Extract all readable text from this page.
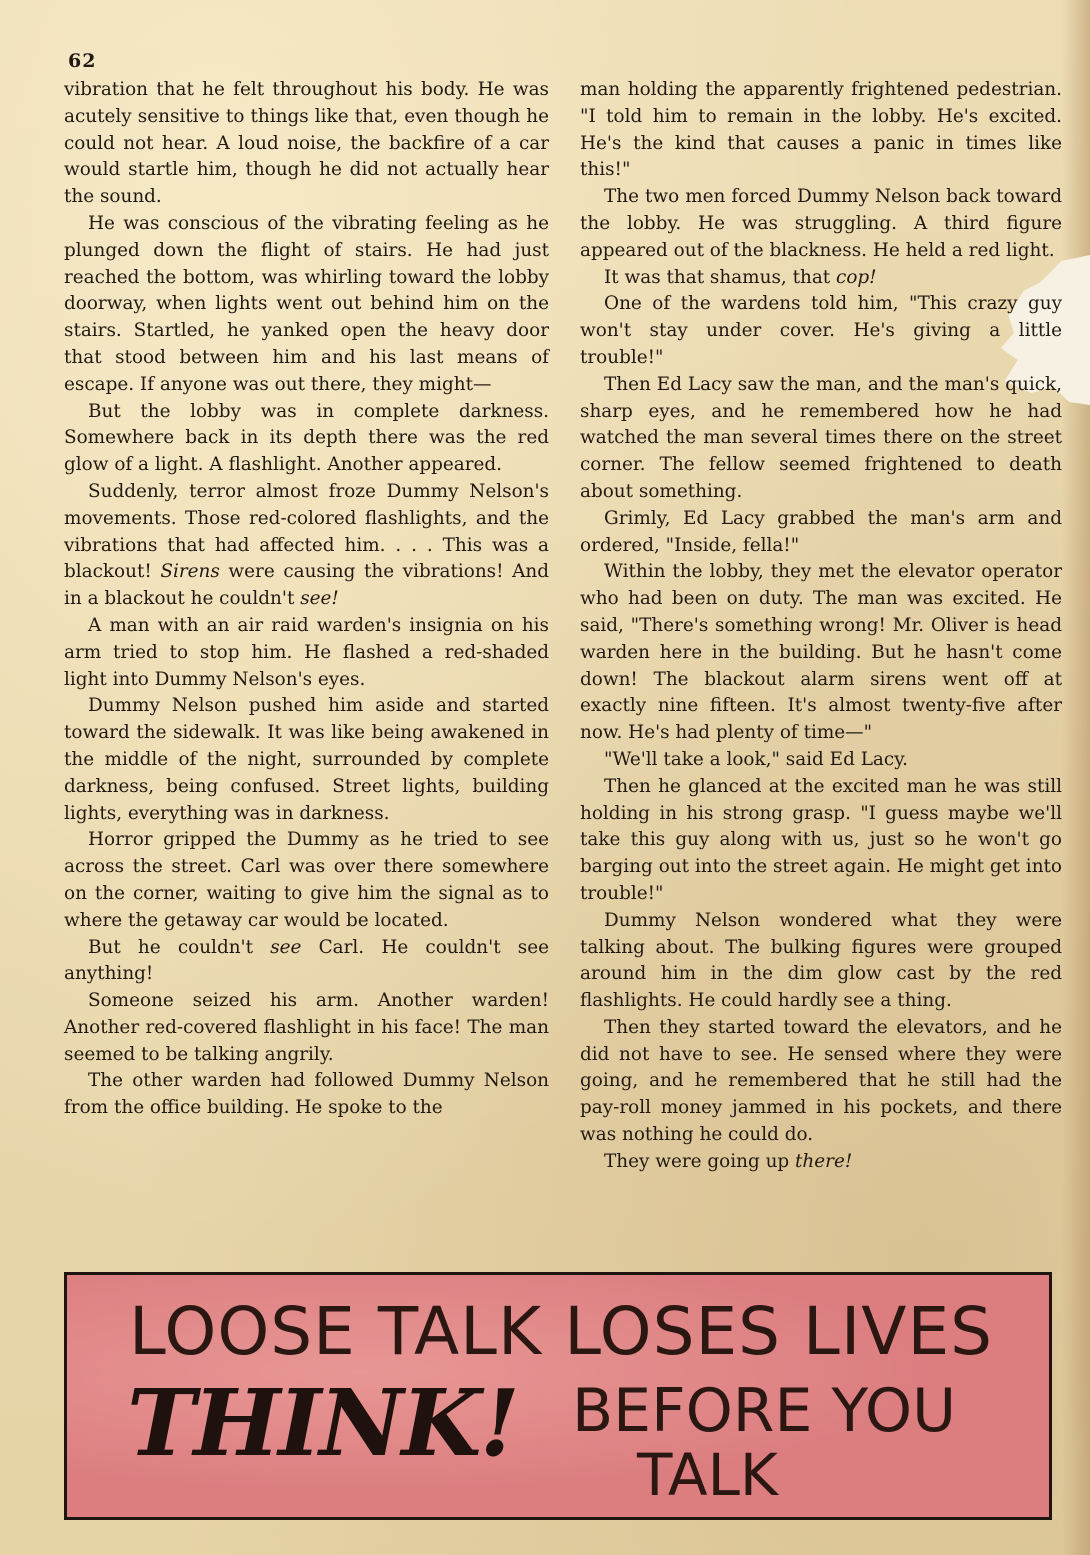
62

vibration that he felt throughout his body. He was acutely sensitive to things like that, even though he could not hear. A loud noise, the backfire of a car would startle him, though he did not actually hear the sound.

He was conscious of the vibrating feeling as he plunged down the flight of stairs. He had just reached the bottom, was whirling toward the lobby doorway, when lights went out behind him on the stairs. Startled, he yanked open the heavy door that stood between him and his last means of escape. If anyone was out there, they might—

But the lobby was in complete darkness. Somewhere back in its depth there was the red glow of a light. A flashlight. Another appeared.

Suddenly, terror almost froze Dummy Nelson's movements. Those red-colored flashlights, and the vibrations that had affected him. . . . This was a blackout! Sirens were causing the vibrations! And in a blackout he couldn't see!

A man with an air raid warden's insignia on his arm tried to stop him. He flashed a red-shaded light into Dummy Nelson's eyes.

Dummy Nelson pushed him aside and started toward the sidewalk. It was like being awakened in the middle of the night, surrounded by complete darkness, being confused. Street lights, building lights, everything was in darkness.

Horror gripped the Dummy as he tried to see across the street. Carl was over there somewhere on the corner, waiting to give him the signal as to where the getaway car would be located.

But he couldn't see Carl. He couldn't see anything!

Someone seized his arm. Another warden! Another red-covered flashlight in his face! The man seemed to be talking angrily.

The other warden had followed Dummy Nelson from the office building. He spoke to the

man holding the apparently frightened pedestrian. "I told him to remain in the lobby. He's excited. He's the kind that causes a panic in times like this!"

The two men forced Dummy Nelson back toward the lobby. He was struggling. A third figure appeared out of the blackness. He held a red light.

It was that shamus, that cop!

One of the wardens told him, "This crazy guy won't stay under cover. He's giving a little trouble!"

Then Ed Lacy saw the man, and the man's quick, sharp eyes, and he remembered how he had watched the man several times there on the street corner. The fellow seemed frightened to death about something.

Grimly, Ed Lacy grabbed the man's arm and ordered, "Inside, fella!"

Within the lobby, they met the elevator operator who had been on duty. The man was excited. He said, "There's something wrong! Mr. Oliver is head warden here in the building. But he hasn't come down! The blackout alarm sirens went off at exactly nine fifteen. It's almost twenty-five after now. He's had plenty of time—"

"We'll take a look," said Ed Lacy.

Then he glanced at the excited man he was still holding in his strong grasp. "I guess maybe we'll take this guy along with us, just so he won't go barging out into the street again. He might get into trouble!"

Dummy Nelson wondered what they were talking about. The bulking figures were grouped around him in the dim glow cast by the red flashlights. He could hardly see a thing.

Then they started toward the elevators, and he did not have to see. He sensed where they were going, and he remembered that he still had the pay-roll money jammed in his pockets, and there was nothing he could do.

They were going up there!

LOOSE TALK LOSES LIVES
THINK! BEFORE YOU
TALK
